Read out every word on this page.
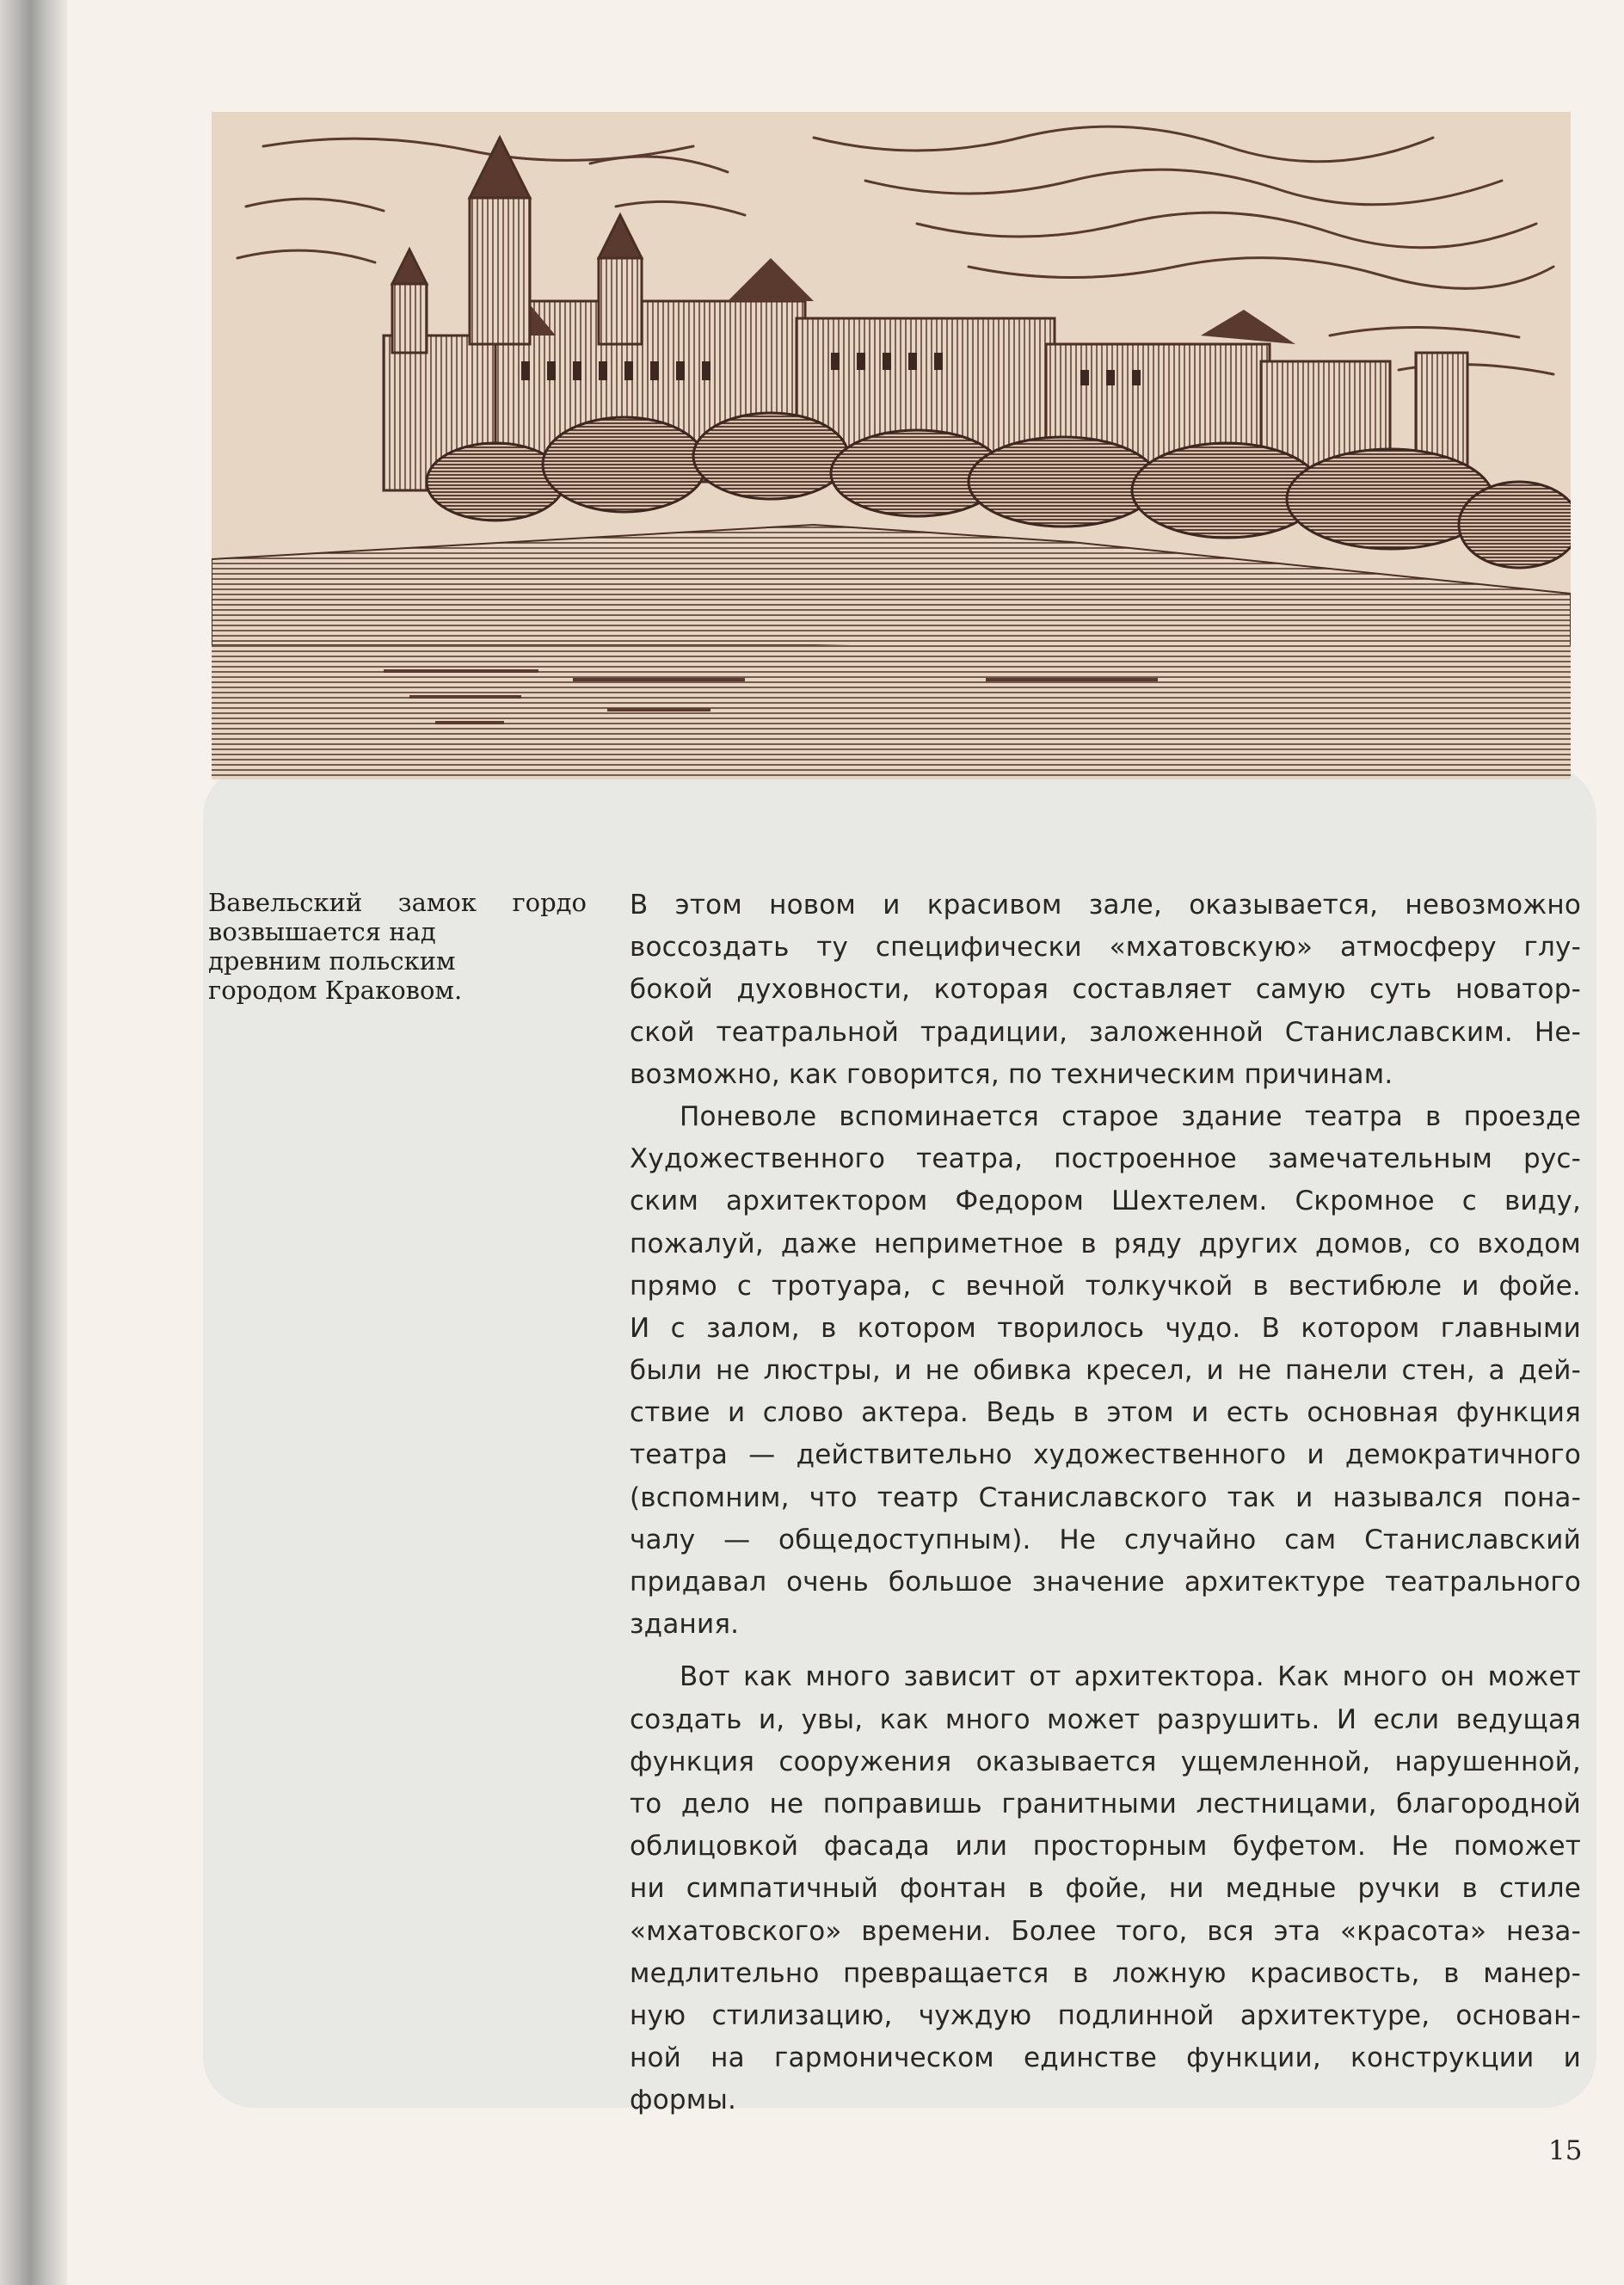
Вавельский замок гордо
возвышается над
древним польским
городом Краковом.
В этом новом и красивом зале, оказывается, невозможно
воссоздать ту специфически «мхатовскую» атмосферу глу-
бокой духовности, которая составляет самую суть новатор-
ской театральной традиции, заложенной Станиславским. Не-
возможно, как говорится, по техническим причинам.
Поневоле вспоминается старое здание театра в проезде
Художественного театра, построенное замечательным рус-
ским архитектором Федором Шехтелем. Скромное с виду,
пожалуй, даже неприметное в ряду других домов, со входом
прямо с тротуара, с вечной толкучкой в вестибюле и фойе.
И с залом, в котором творилось чудо. В котором главными
были не люстры, и не обивка кресел, и не панели стен, а дей-
ствие и слово актера. Ведь в этом и есть основная функция
театра — действительно художественного и демократичного
(вспомним, что театр Станиславского так и назывался пона-
чалу — общедоступным). Не случайно сам Станиславский
придавал очень большое значение архитектуре театрального
здания.
Вот как много зависит от архитектора. Как много он может
создать и, увы, как много может разрушить. И если ведущая
функция сооружения оказывается ущемленной, нарушенной,
то дело не поправишь гранитными лестницами, благородной
облицовкой фасада или просторным буфетом. Не поможет
ни симпатичный фонтан в фойе, ни медные ручки в стиле
«мхатовского» времени. Более того, вся эта «красота» неза-
медлительно превращается в ложную красивость, в манер-
ную стилизацию, чуждую подлинной архитектуре, основан-
ной на гармоническом единстве функции, конструкции и
формы.
15
